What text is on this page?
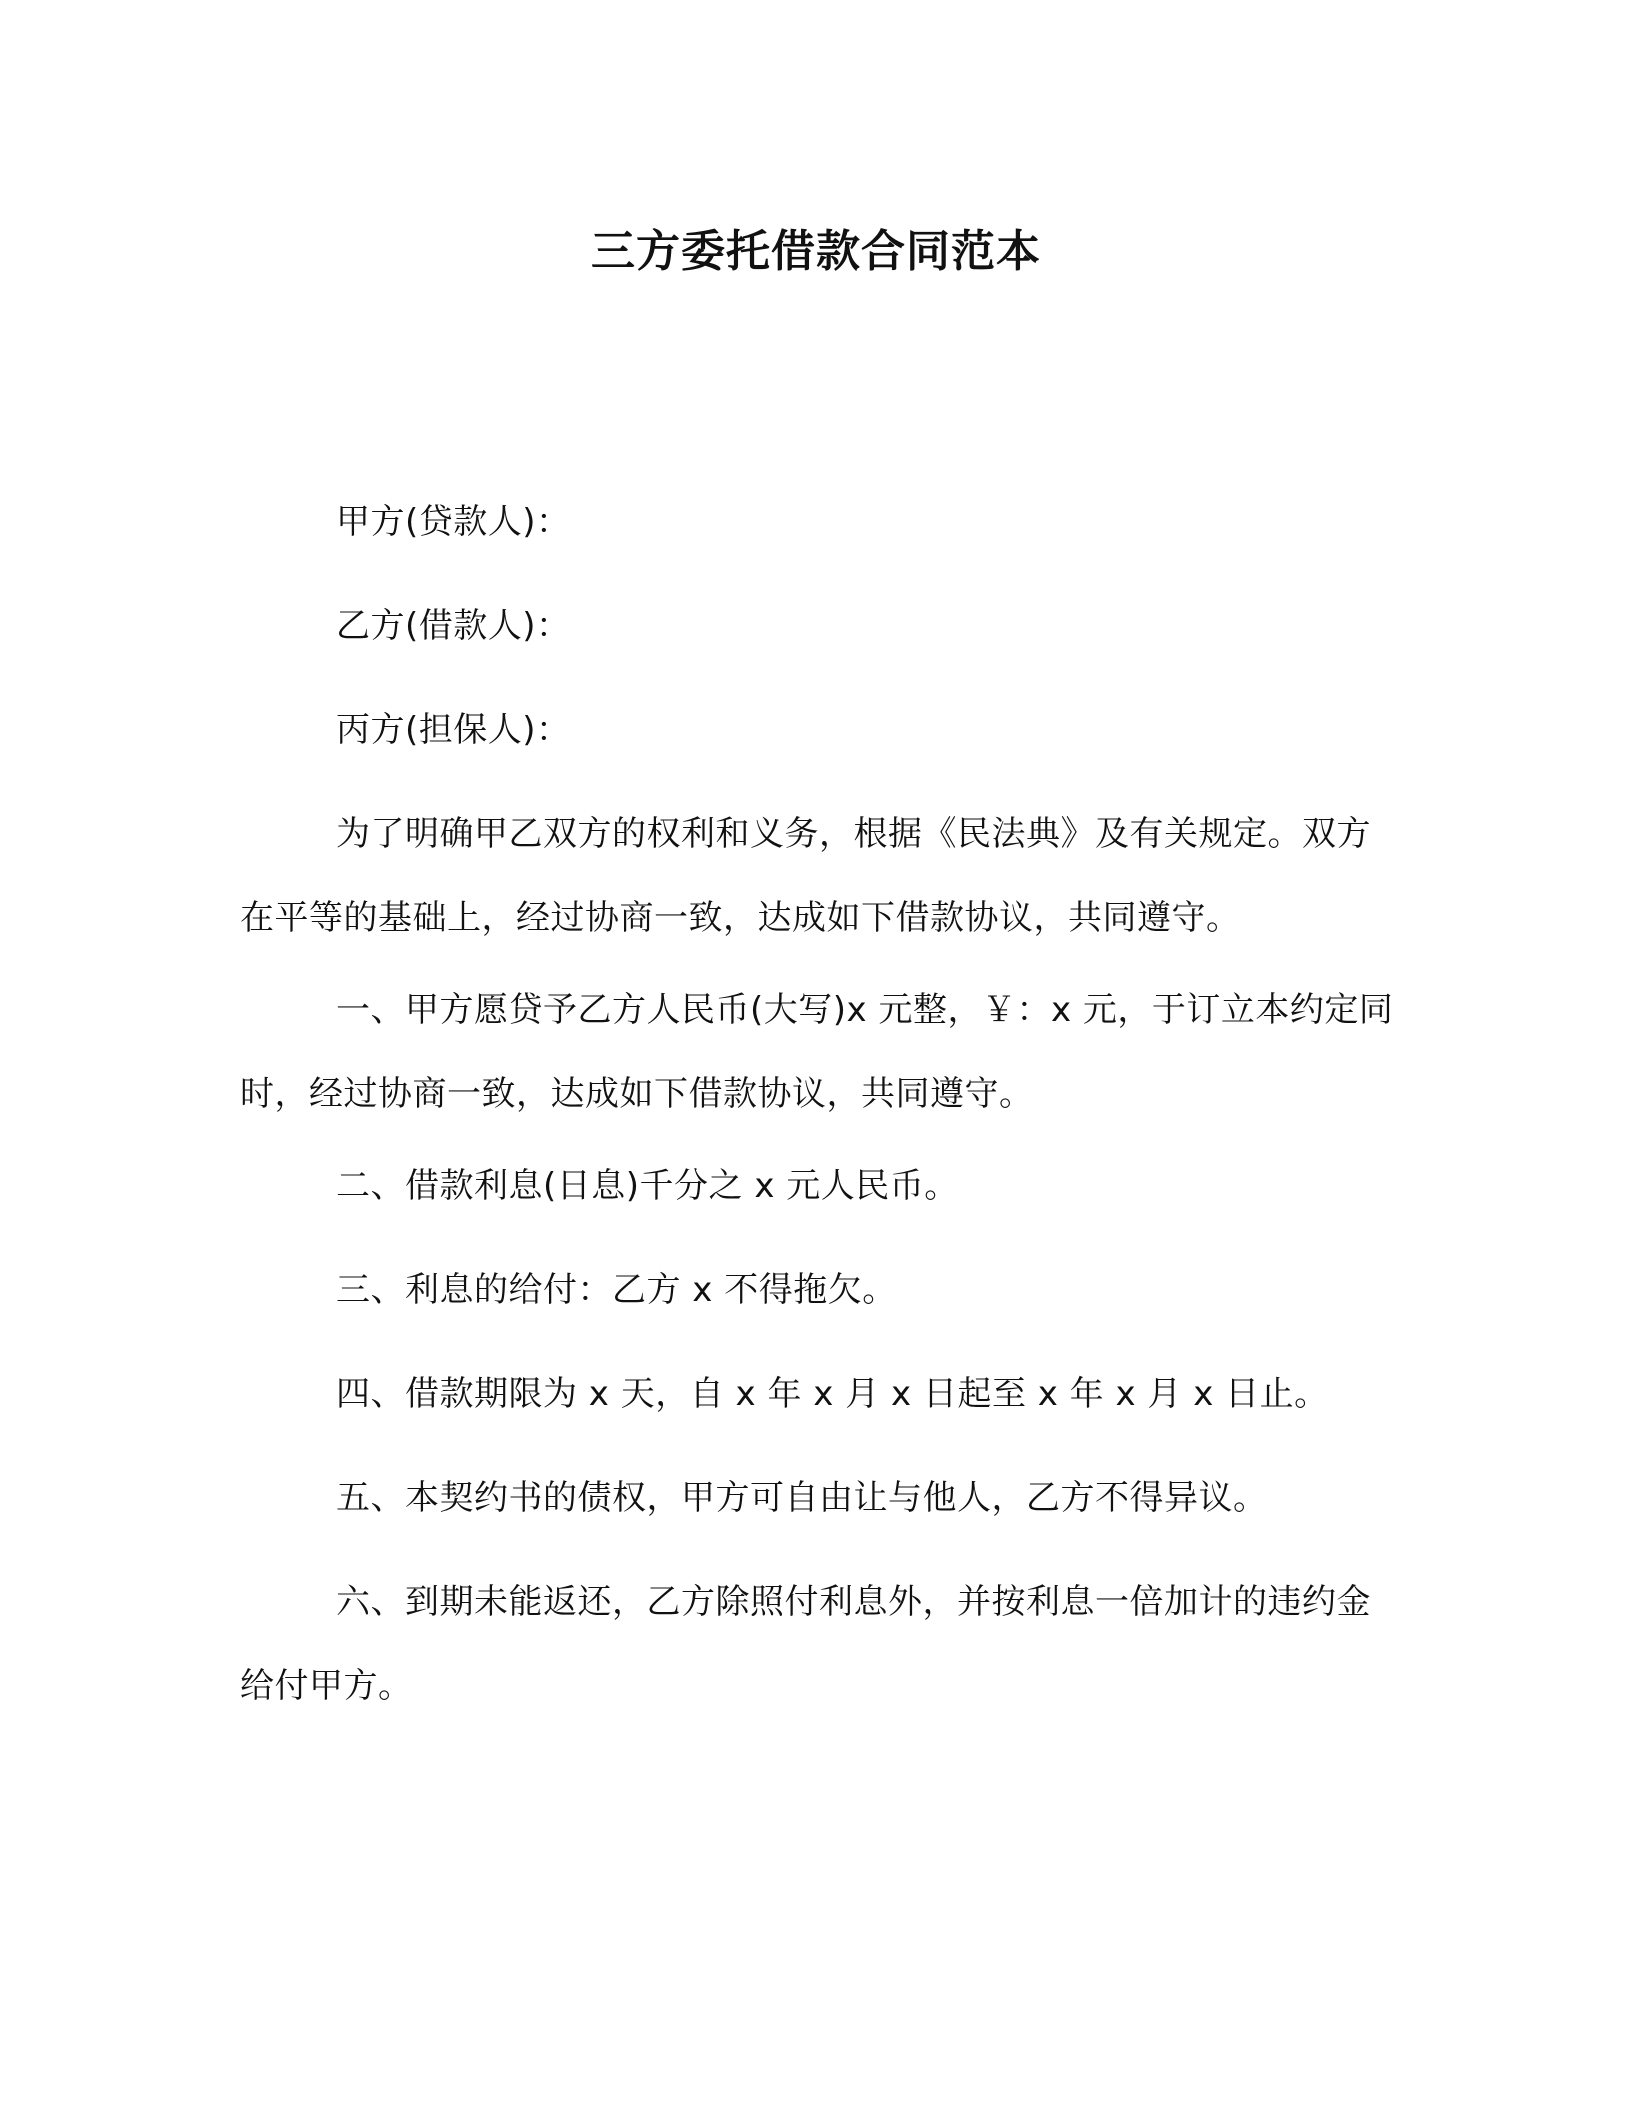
三方委托借款合同范本

甲方(贷款人)：

乙方(借款人)：

丙方(担保人)：

为了明确甲乙双方的权利和义务，根据《民法典》及有关规定。双方在平等的基础上，经过协商一致，达成如下借款协议，共同遵守。

一、甲方愿贷予乙方人民币(大写)x 元整，￥：x 元，于订立本约定同时，经过协商一致，达成如下借款协议，共同遵守。

二、借款利息(日息)千分之 x 元人民币。

三、利息的给付：乙方 x 不得拖欠。

四、借款期限为 x 天，自 x 年 x 月 x 日起至 x 年 x 月 x 日止。

五、本契约书的债权，甲方可自由让与他人，乙方不得异议。

六、到期未能返还，乙方除照付利息外，并按利息一倍加计的违约金给付甲方。
